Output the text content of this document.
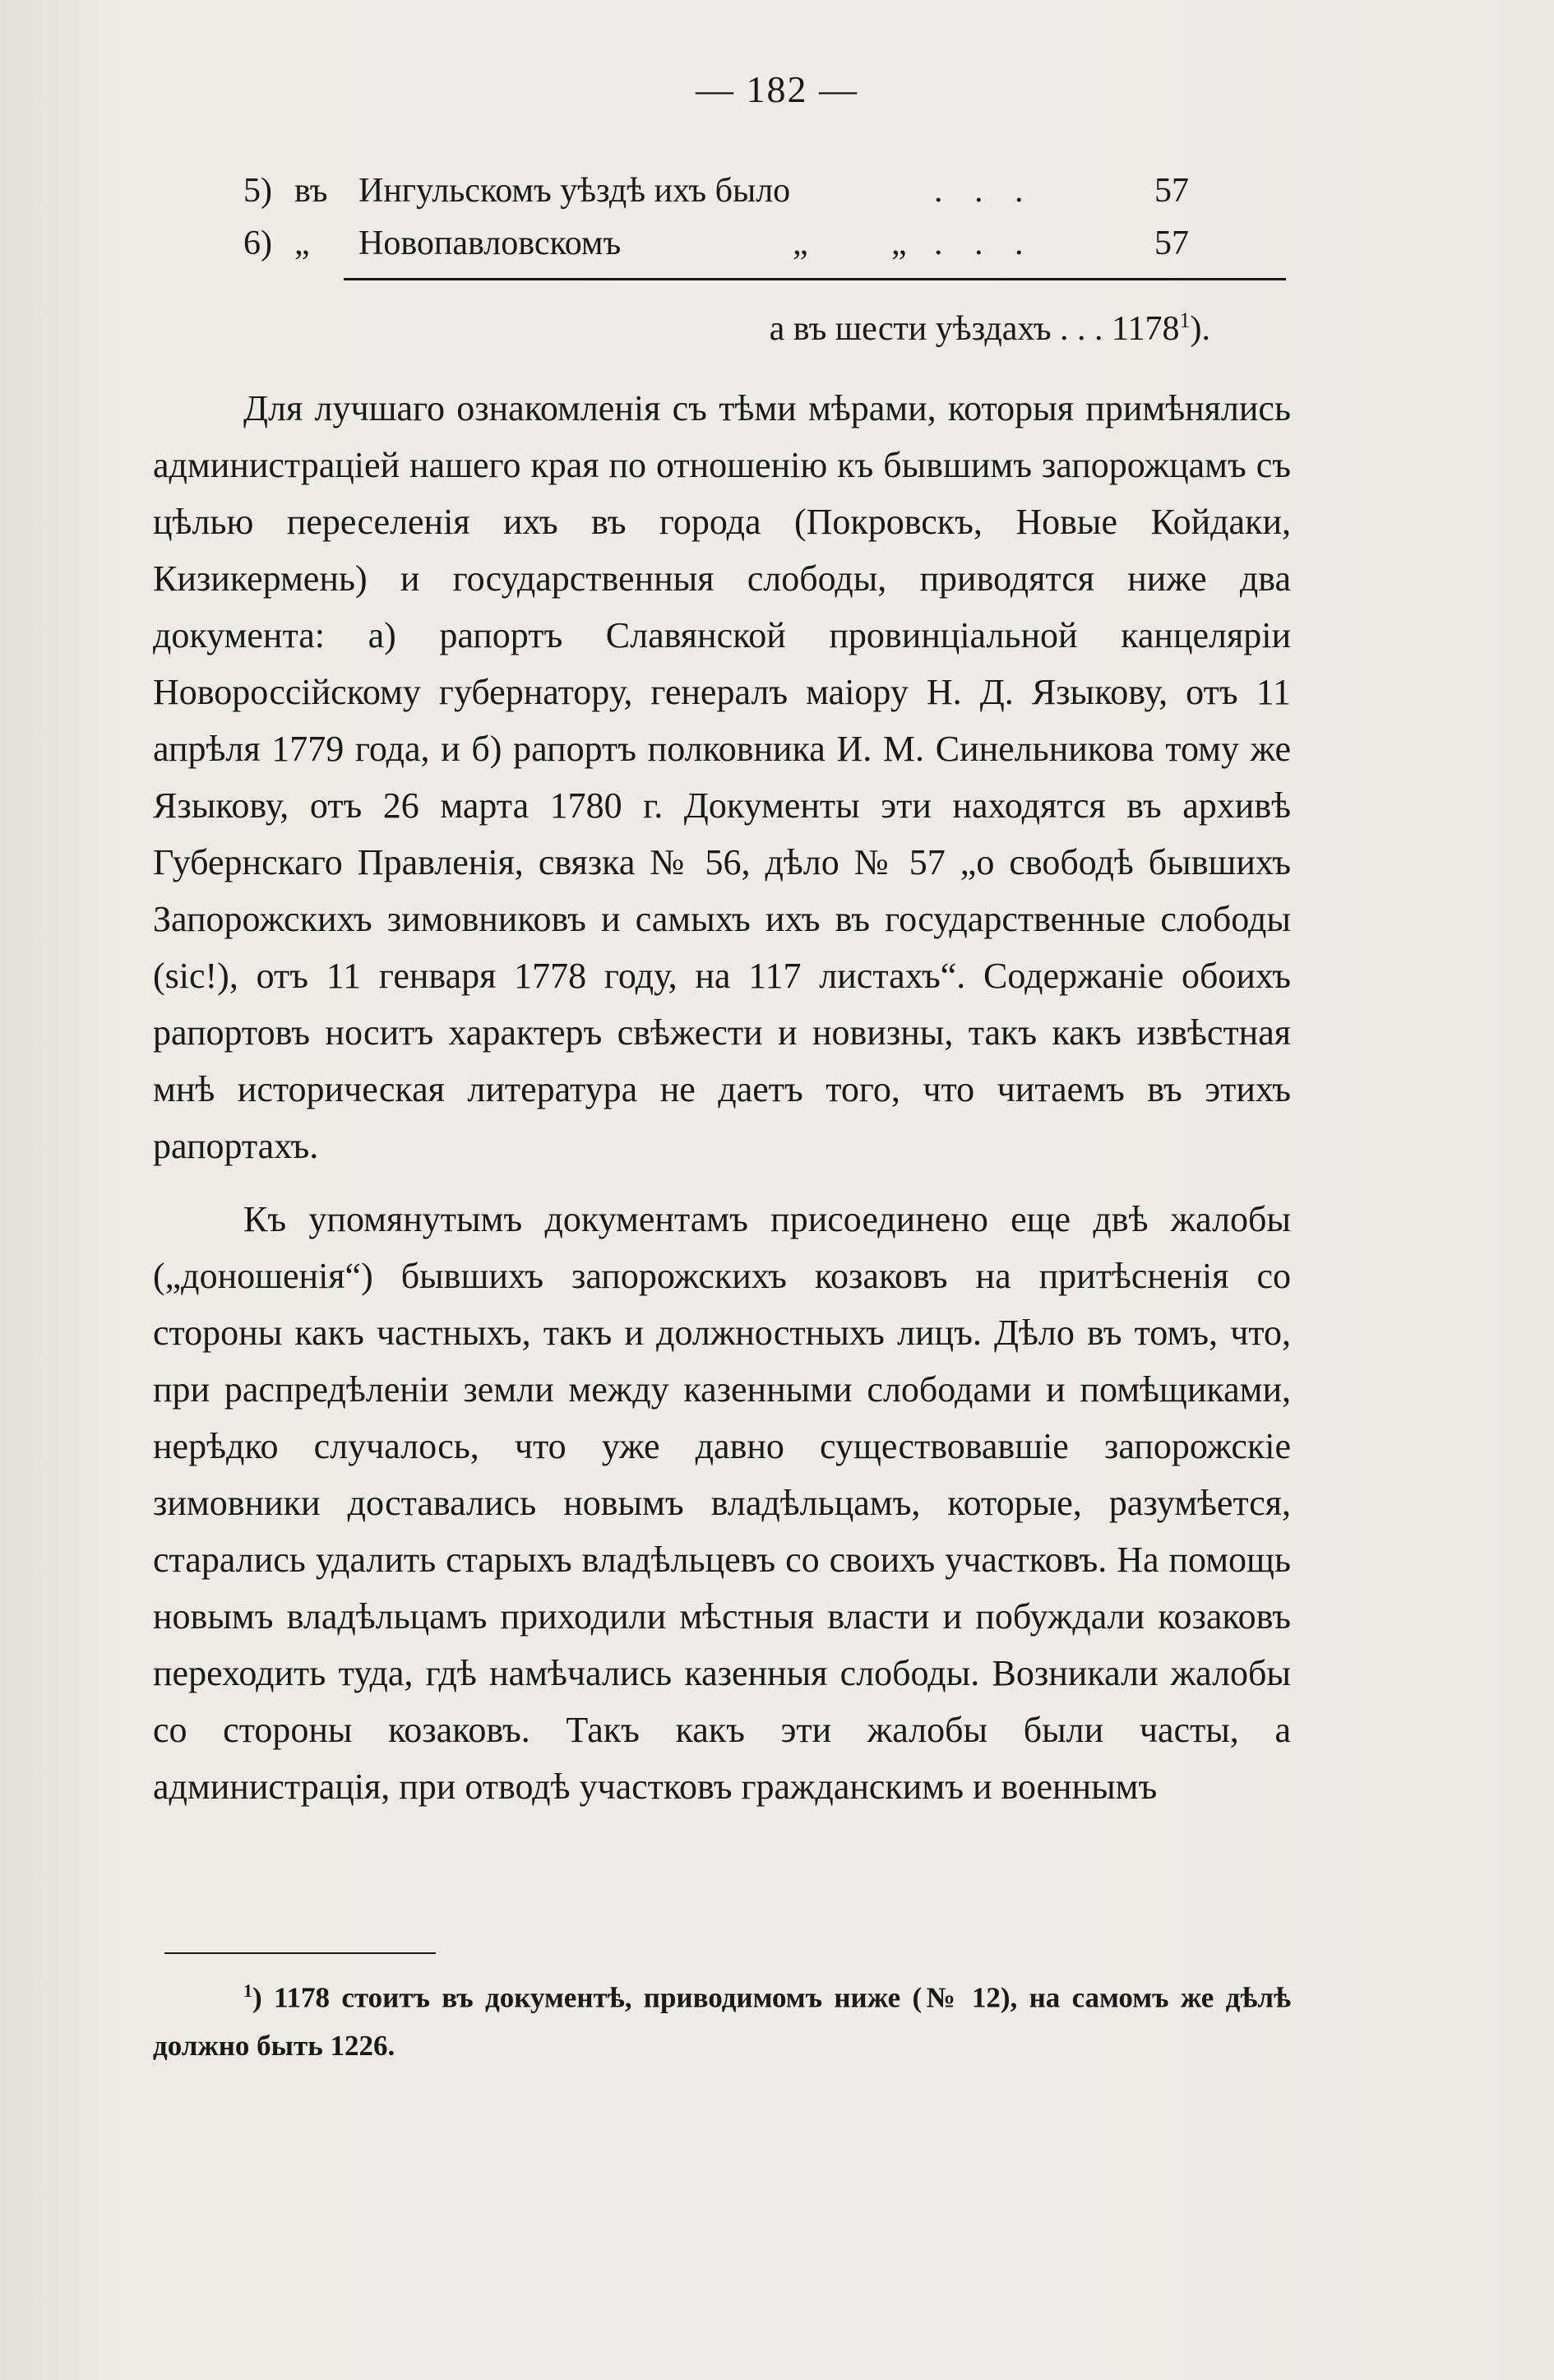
— 182 —
5) въ Ингульскомъ уѣздѣ ихъ было	. . .	57
6) „ Новопавловскомъ	„ „ . . .	57
а въ шести уѣздахъ . . . 1178$^1$).

Для лучшаго ознакомленія съ тѣми мѣрами, которыя примѣнялись администраціей нашего края по отношенію къ бывшимъ запорожцамъ съ цѣлью переселенія ихъ въ города (Покровскъ, Новые Койдаки, Кизикермень) и государственныя слободы, приводятся ниже два документа: а) рапортъ Славянской провинціальной канцеляріи Новороссійскому губернатору, генералъ маіору Н. Д. Языкову, отъ 11 апрѣля 1779 года, и б) рапортъ полковника И. М. Синельникова тому же Языкову, отъ 26 марта 1780 г. Документы эти находятся въ архивѣ Губернскаго Правленія, связка № 56, дѣло № 57 „о свободѣ бывшихъ Запорожскихъ зимовниковъ и самыхъ ихъ въ государственные слободы (sic!), отъ 11 генваря 1778 году, на 117 листахъ“. Содержаніе обоихъ рапортовъ носитъ характеръ свѣжести и новизны, такъ какъ извѣстная мнѣ историческая литература не даетъ того, что читаемъ въ этихъ рапортахъ.

Къ упомянутымъ документамъ присоединено еще двѣ жалобы („доношенія“) бывшихъ запорожскихъ козаковъ на притѣсненія со стороны какъ частныхъ, такъ и должностныхъ лицъ. Дѣло въ томъ, что, при распредѣленіи земли между казенными слободами и помѣщиками, нерѣдко случалось, что уже давно существовавшіе запорожскіе зимовники доставались новымъ владѣльцамъ, которые, разумѣется, старались удалить старыхъ владѣльцевъ со своихъ участковъ. На помощь новымъ владѣльцамъ приходили мѣстныя власти и побуждали козаковъ переходить туда, гдѣ намѣчались казенныя слободы. Возникали жалобы со стороны козаковъ. Такъ какъ эти жалобы были часты, а администрація, при отводѣ участковъ гражданскимъ и военнымъ

$^1$) 1178 стоитъ въ документѣ, приводимомъ ниже (№ 12), на самомъ же дѣлѣ должно быть 1226.
